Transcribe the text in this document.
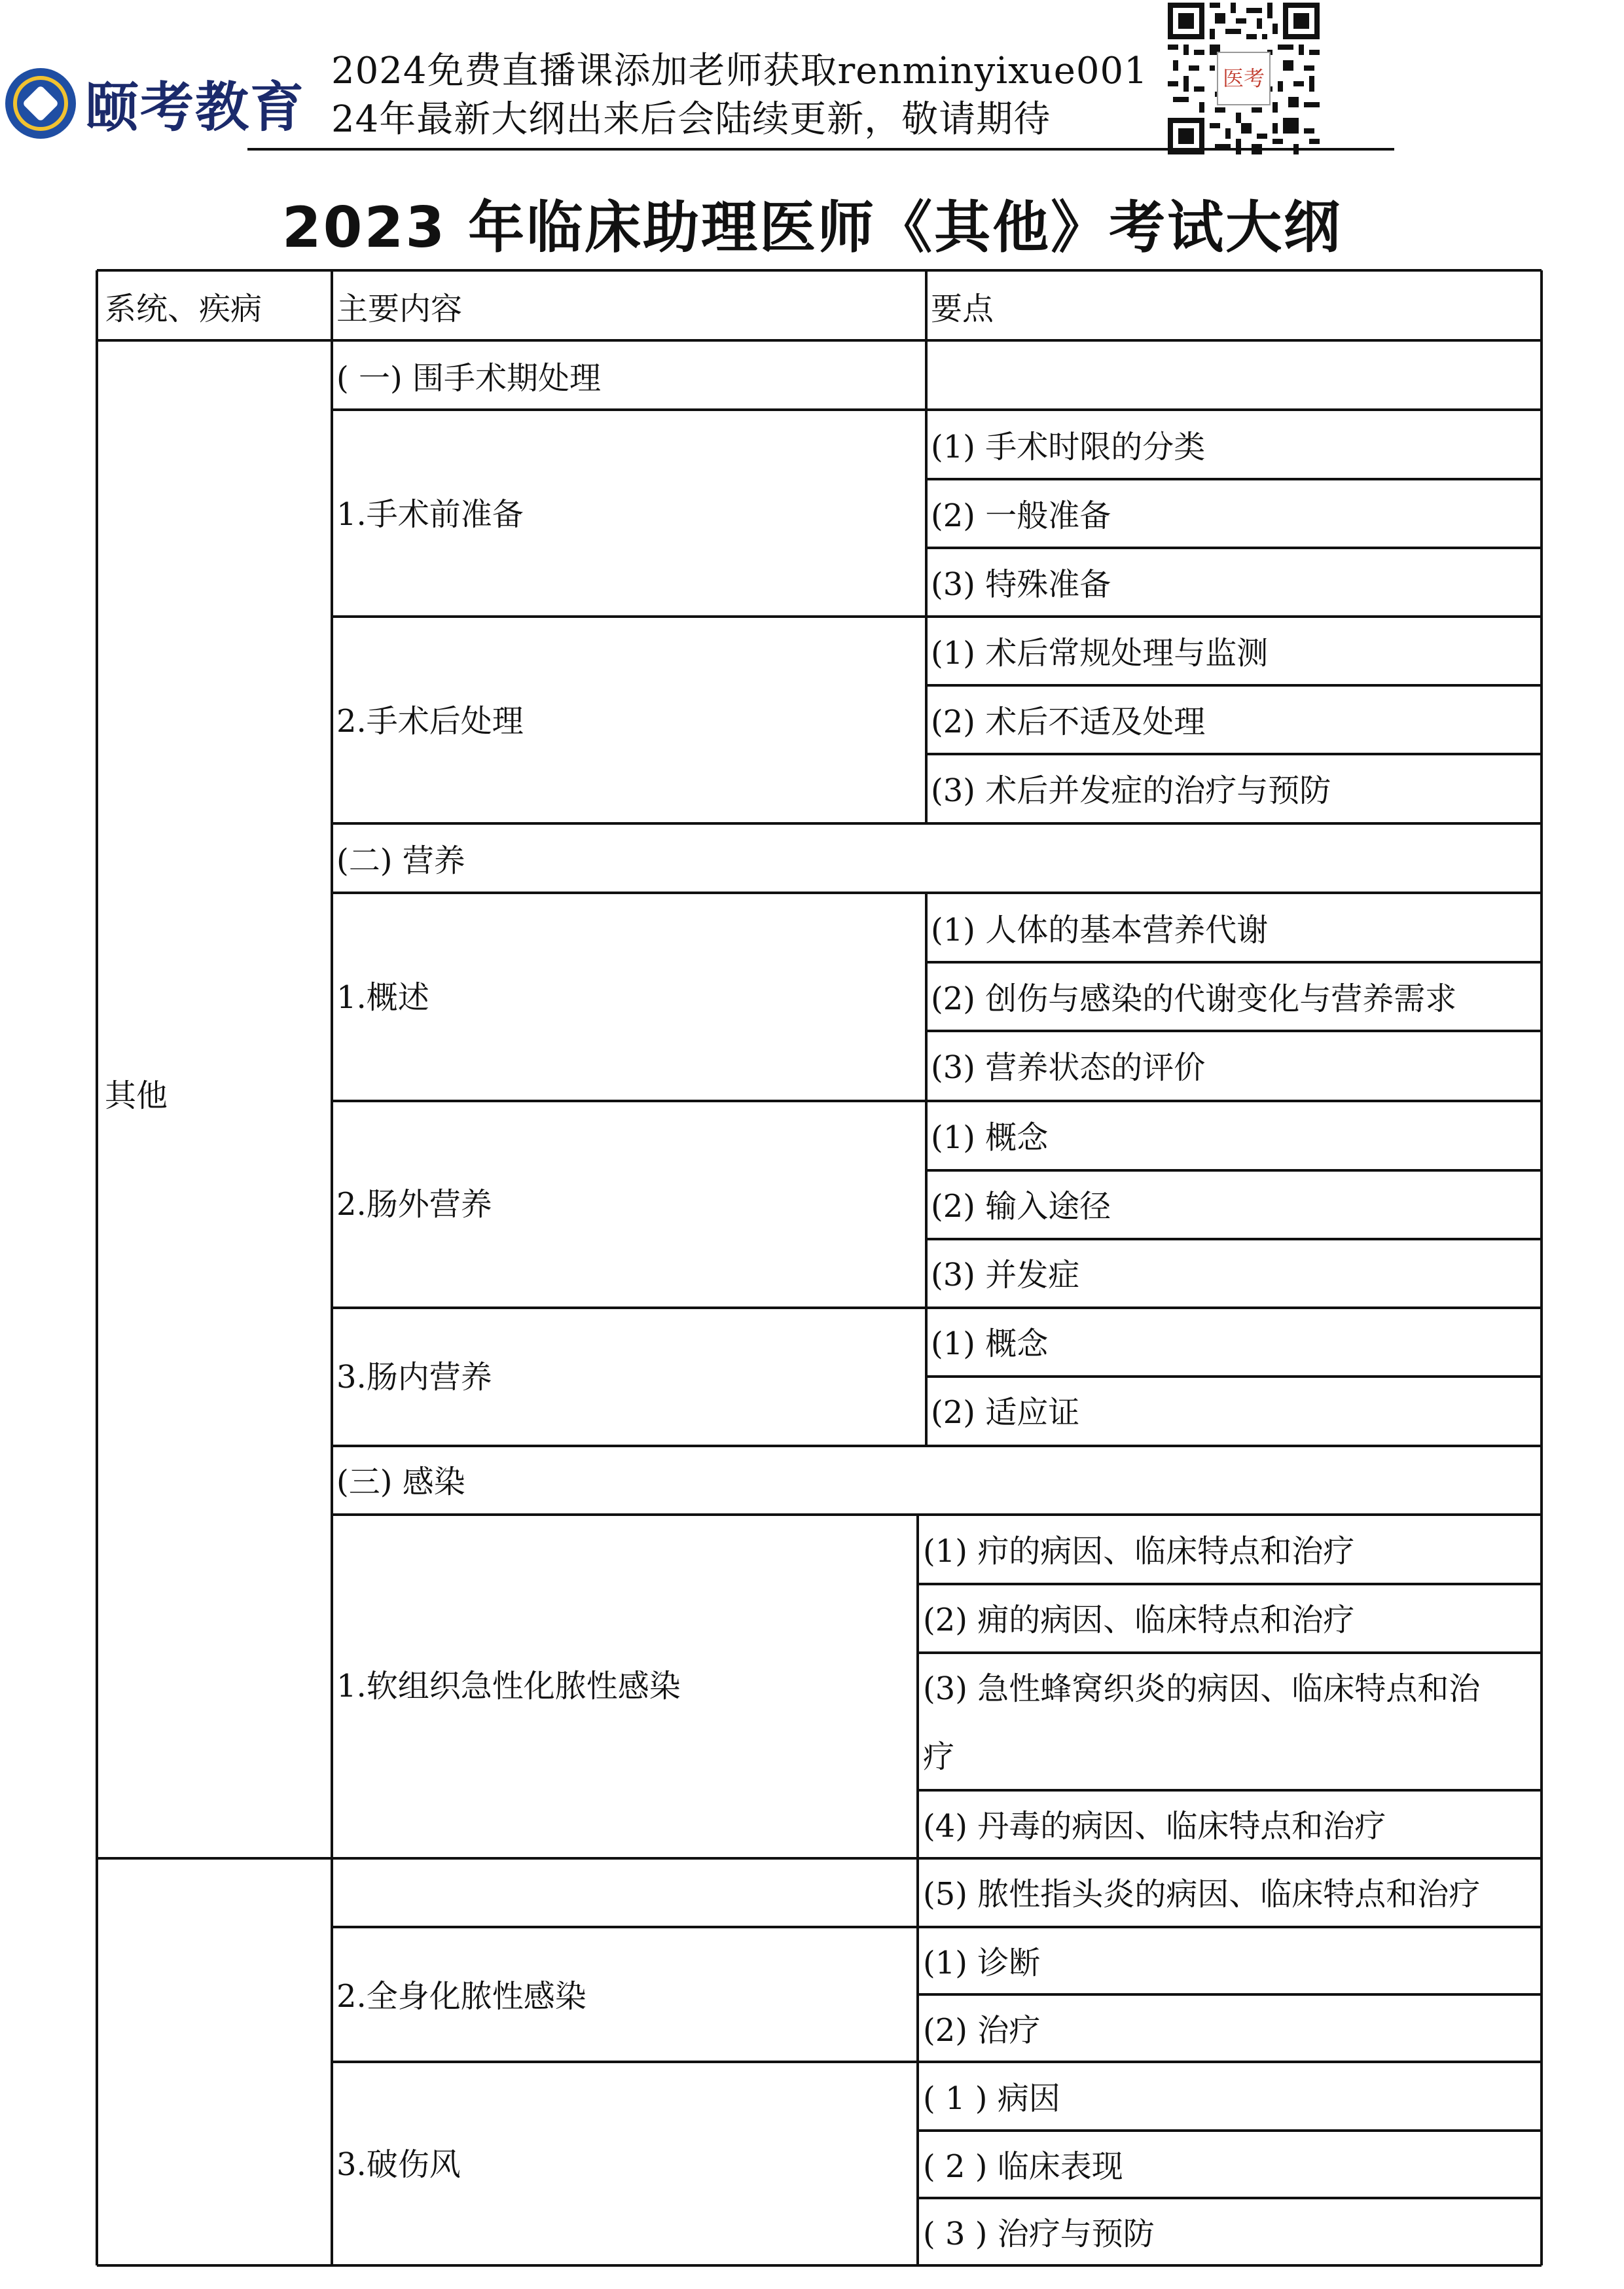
颐考教育
2024免费直播课添加老师获取renminyixue001
24年最新大纲出来后会陆续更新，敬请期待
医考
2023 年临床助理医师《其他》考试大纲
系统、疾病 主要内容	要点
其他
( 一) 围手术期处理
1.手术前准备
(1) 手术时限的分类
(2) 一般准备
(3) 特殊准备
2.手术后处理
(1) 术后常规处理与监测
(2) 术后不适及处理
(3) 术后并发症的治疗与预防
(二) 营养
1.概述
(1) 人体的基本营养代谢
(2) 创伤与感染的代谢变化与营养需求
(3) 营养状态的评价
2.肠外营养
(1) 概念
(2) 输入途径
(3) 并发症
3.肠内营养
(1) 概念
(2) 适应证
(三) 感染
1.软组织急性化脓性感染
(1) 疖的病因、临床特点和治疗
(2) 痈的病因、临床特点和治疗
(3) 急性蜂窝织炎的病因、临床特点和治
疗
(4) 丹毒的病因、临床特点和治疗
(5) 脓性指头炎的病因、临床特点和治疗
2.全身化脓性感染
(1) 诊断
(2) 治疗
3.破伤风
( 1 ) 病因
( 2 ) 临床表现
( 3 ) 治疗与预防
